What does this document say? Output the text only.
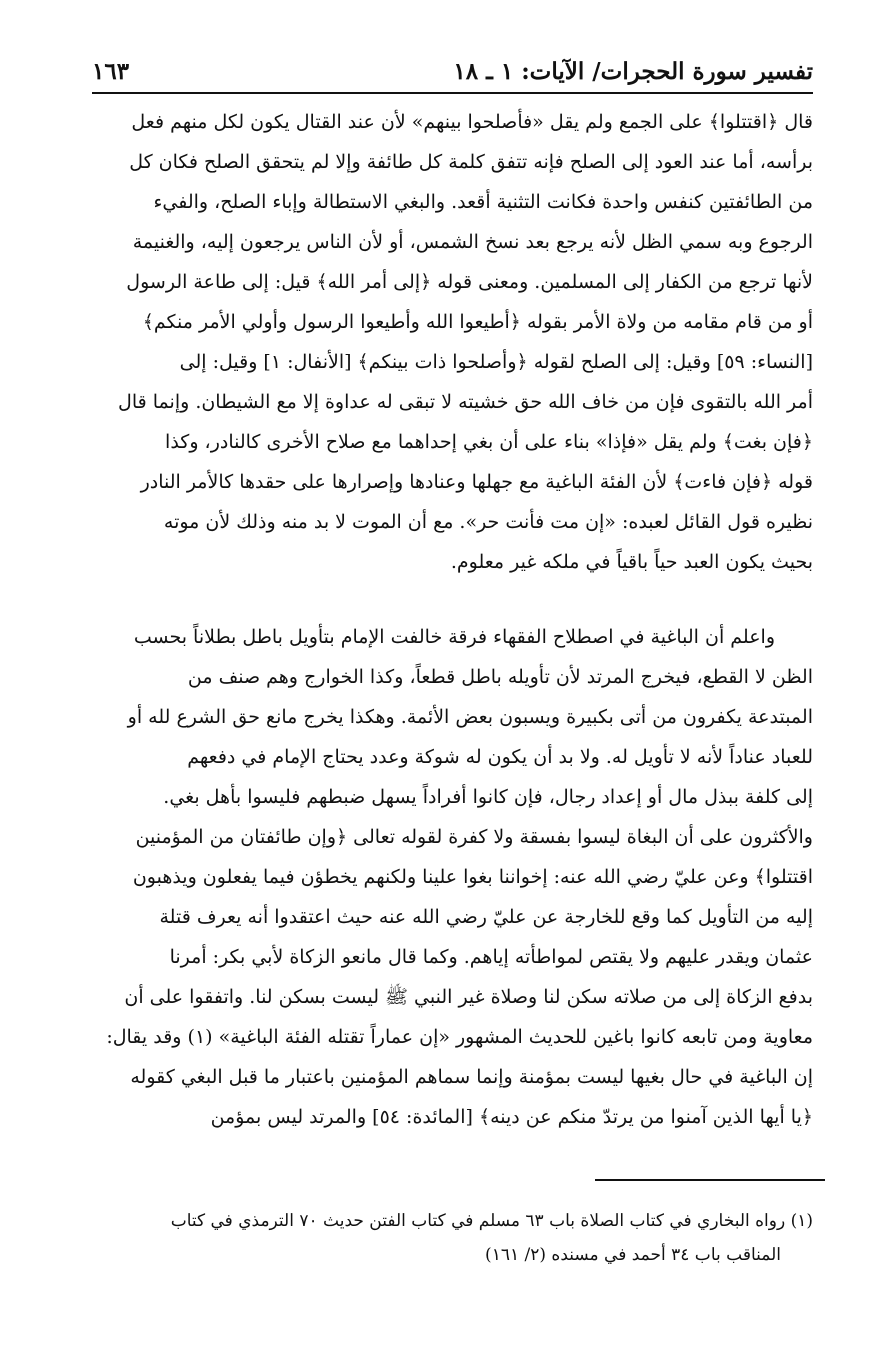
تفسير سورة الحجرات/ الآيات: ١ ـ ١٨
١٦٣
قال ﴿اقتتلوا﴾ على الجمع ولم يقل «فأصلحوا بينهم» لأن عند القتال يكون لكل منهم فعل
برأسه، أما عند العود إلى الصلح فإنه تتفق كلمة كل طائفة وإلا لم يتحقق الصلح فكان كل
من الطائفتين كنفس واحدة فكانت التثنية أقعد. والبغي الاستطالة وإباء الصلح، والفيء
الرجوع وبه سمي الظل لأنه يرجع بعد نسخ الشمس، أو لأن الناس يرجعون إليه، والغنيمة
لأنها ترجع من الكفار إلى المسلمين. ومعنى قوله ﴿إلى أمر الله﴾ قيل: إلى طاعة الرسول
أو من قام مقامه من ولاة الأمر بقوله ﴿أطيعوا الله وأطيعوا الرسول وأولي الأمر منكم﴾
[النساء: ٥٩] وقيل: إلى الصلح لقوله ﴿وأصلحوا ذات بينكم﴾ [الأنفال: ١] وقيل: إلى
أمر الله بالتقوى فإن من خاف الله حق خشيته لا تبقى له عداوة إلا مع الشيطان. وإنما قال
﴿فإن بغت﴾ ولم يقل «فإذا» بناء على أن بغي إحداهما مع صلاح الأخرى كالنادر، وكذا
قوله ﴿فإن فاءت﴾ لأن الفئة الباغية مع جهلها وعنادها وإصرارها على حقدها كالأمر النادر
نظيره قول القائل لعبده: «إن مت فأنت حر». مع أن الموت لا بد منه وذلك لأن موته
بحيث يكون العبد حياً باقياً في ملكه غير معلوم.
واعلم أن الباغية في اصطلاح الفقهاء فرقة خالفت الإمام بتأويل باطل بطلاناً بحسب
الظن لا القطع، فيخرج المرتد لأن تأويله باطل قطعاً، وكذا الخوارج وهم صنف من
المبتدعة يكفرون من أتى بكبيرة ويسبون بعض الأئمة. وهكذا يخرج مانع حق الشرع لله أو
للعباد عناداً لأنه لا تأويل له. ولا بد أن يكون له شوكة وعدد يحتاج الإمام في دفعهم
إلى كلفة ببذل مال أو إعداد رجال، فإن كانوا أفراداً يسهل ضبطهم فليسوا بأهل بغي.
والأكثرون على أن البغاة ليسوا بفسقة ولا كفرة لقوله تعالى ﴿وإن طائفتان من المؤمنين
اقتتلوا﴾ وعن عليّ رضي الله عنه: إخواننا بغوا علينا ولكنهم يخطؤن فيما يفعلون ويذهبون
إليه من التأويل كما وقع للخارجة عن عليّ رضي الله عنه حيث اعتقدوا أنه يعرف قتلة
عثمان ويقدر عليهم ولا يقتص لمواطأته إياهم. وكما قال مانعو الزكاة لأبي بكر: أمرنا
بدفع الزكاة إلى من صلاته سكن لنا وصلاة غير النبي ﷺ ليست بسكن لنا. واتفقوا على أن
معاوية ومن تابعه كانوا باغين للحديث المشهور «إن عماراً تقتله الفئة الباغية» (١) وقد يقال:
إن الباغية في حال بغيها ليست بمؤمنة وإنما سماهم المؤمنين باعتبار ما قبل البغي كقوله
﴿يا أيها الذين آمنوا من يرتدّ منكم عن دينه﴾ [المائدة: ٥٤] والمرتد ليس بمؤمن
(١) رواه البخاري في كتاب الصلاة باب ٦٣ مسلم في كتاب الفتن حديث ٧٠ الترمذي في كتاب
المناقب باب ٣٤ أحمد في مسنده (٢/ ١٦١)
